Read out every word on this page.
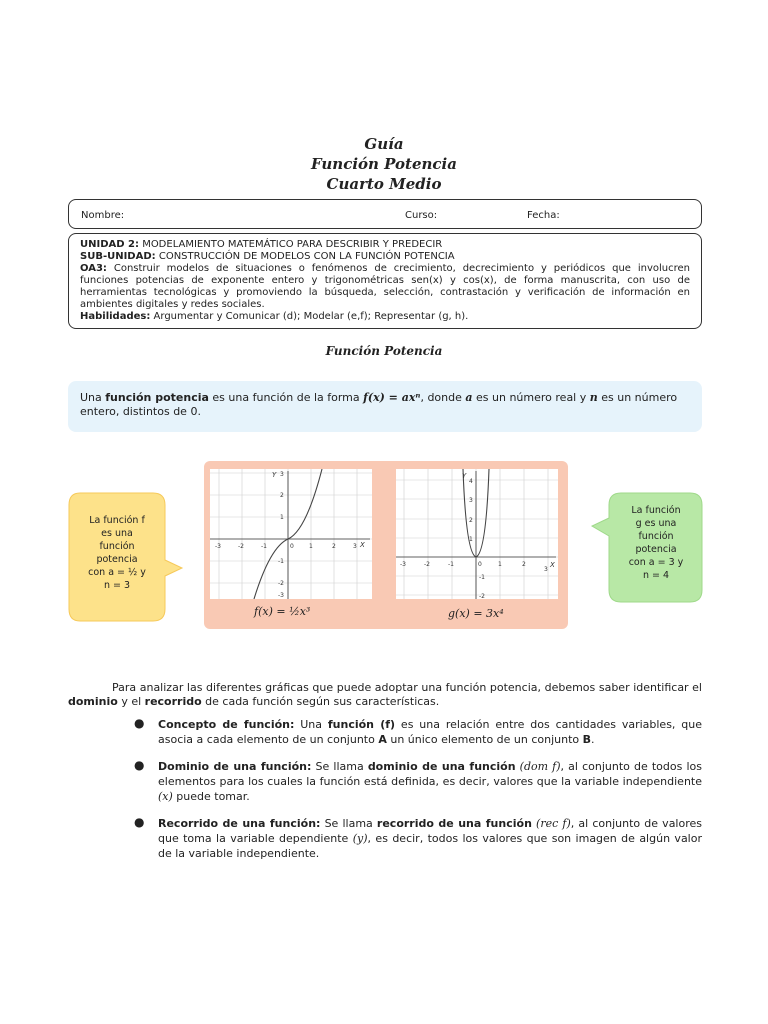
Guía
Función Potencia
Cuarto Medio
Nombre:	Curso:	Fecha:
UNIDAD 2: MODELAMIENTO MATEMÁTICO PARA DESCRIBIR Y PREDECIR
SUB-UNIDAD: CONSTRUCCIÓN DE MODELOS CON LA FUNCIÓN POTENCIA
OA3: Construir modelos de situaciones o fenómenos de crecimiento, decrecimiento y periódicos que involucren funciones potencias de exponente entero y trigonométricas sen(x) y cos(x), de forma manuscrita, con uso de herramientas tecnológicas y promoviendo la búsqueda, selección, contrastación y verificación de información en ambientes digitales y redes sociales.
Habilidades: Argumentar y Comunicar (d); Modelar (e,f); Representar (g, h).
Función Potencia
Una función potencia es una función de la forma f(x) = axⁿ, donde a es un número real y n es un número entero, distintos de 0.
La función f
es una
función
potencia
con a = ½ y
n = 3
La función
g es una
función
potencia
con a = 3 y
n = 4
Y
X
-3	-2	-1	0	1	2	3
3
2
1
-1
-2
-3
f(x) = ½x³
Y
X
-3	-2	-1	0	1	2
3
4
3
2
1
-1
-2
g(x) = 3x⁴
Para analizar las diferentes gráficas que puede adoptar una función potencia, debemos saber identificar el dominio y el recorrido de cada función según sus características.
● Concepto de función: Una función (f) es una relación entre dos cantidades variables, que asocia a cada elemento de un conjunto A un único elemento de un conjunto B.
● Dominio de una función: Se llama dominio de una función (dom f), al conjunto de todos los elementos para los cuales la función está definida, es decir, valores que la variable independiente (x) puede tomar.
● Recorrido de una función: Se llama recorrido de una función (rec f), al conjunto de valores que toma la variable dependiente (y), es decir, todos los valores que son imagen de algún valor de la variable independiente.
